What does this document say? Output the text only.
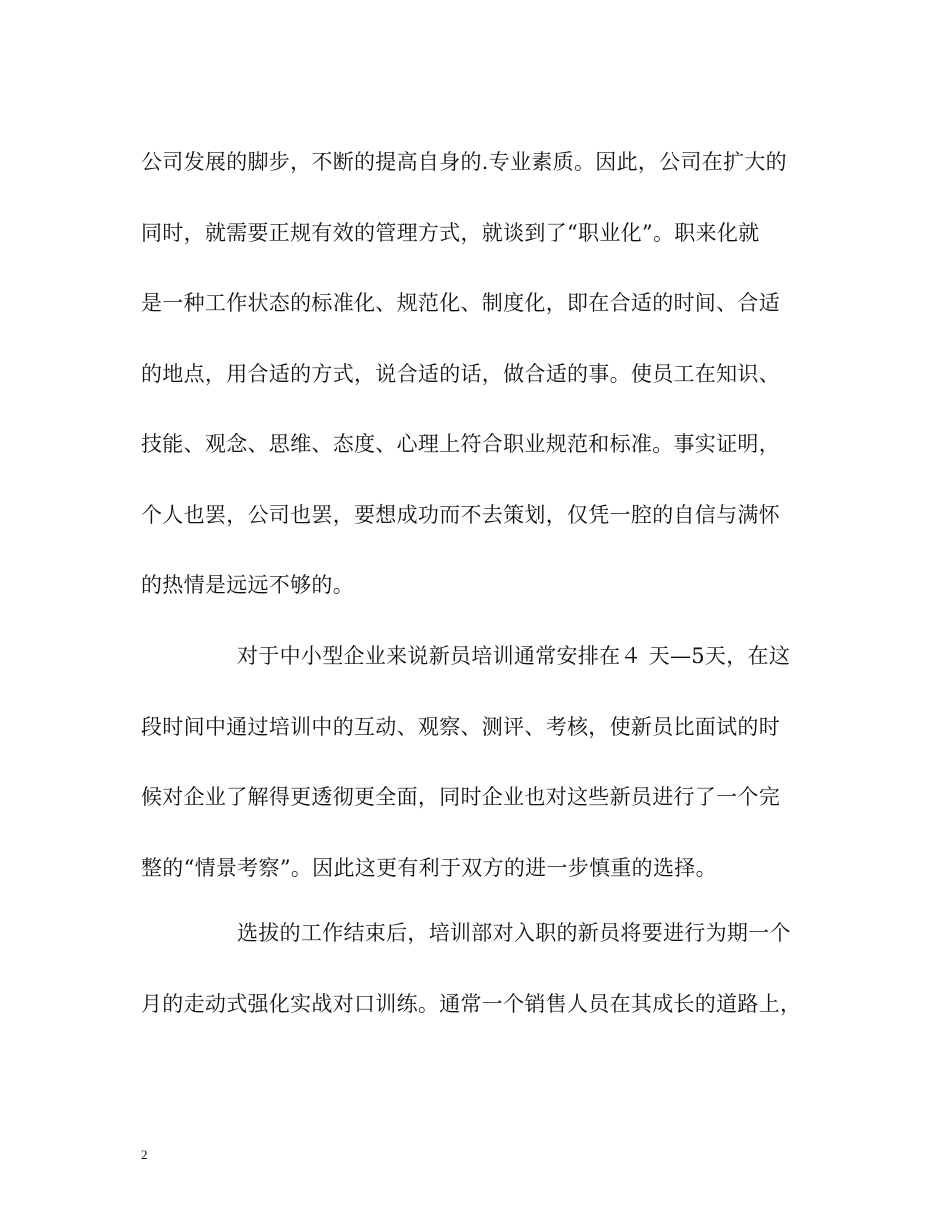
公司发展的脚步，不断的提高自身的.专业素质。因此，公司在扩大的
同时，就需要正规有效的管理方式，就谈到了“职业化”。职来化就
是一种工作状态的标准化、规范化、制度化，即在合适的时间、合适
的地点，用合适的方式，说合适的话，做合适的事。使员工在知识、
技能、观念、思维、态度、心理上符合职业规范和标准。事实证明，
个人也罢，公司也罢，要想成功而不去策划，仅凭一腔的自信与满怀
的热情是远远不够的。
对于中小型企业来说新员培训通常安排在４ 天—5天，在这
段时间中通过培训中的互动、观察、测评、考核，使新员比面试的时
候对企业了解得更透彻更全面，同时企业也对这些新员进行了一个完
整的“情景考察”。因此这更有利于双方的进一步慎重的选择。
选拔的工作结束后，培训部对入职的新员将要进行为期一个
月的走动式强化实战对口训练。通常一个销售人员在其成长的道路上，
2
